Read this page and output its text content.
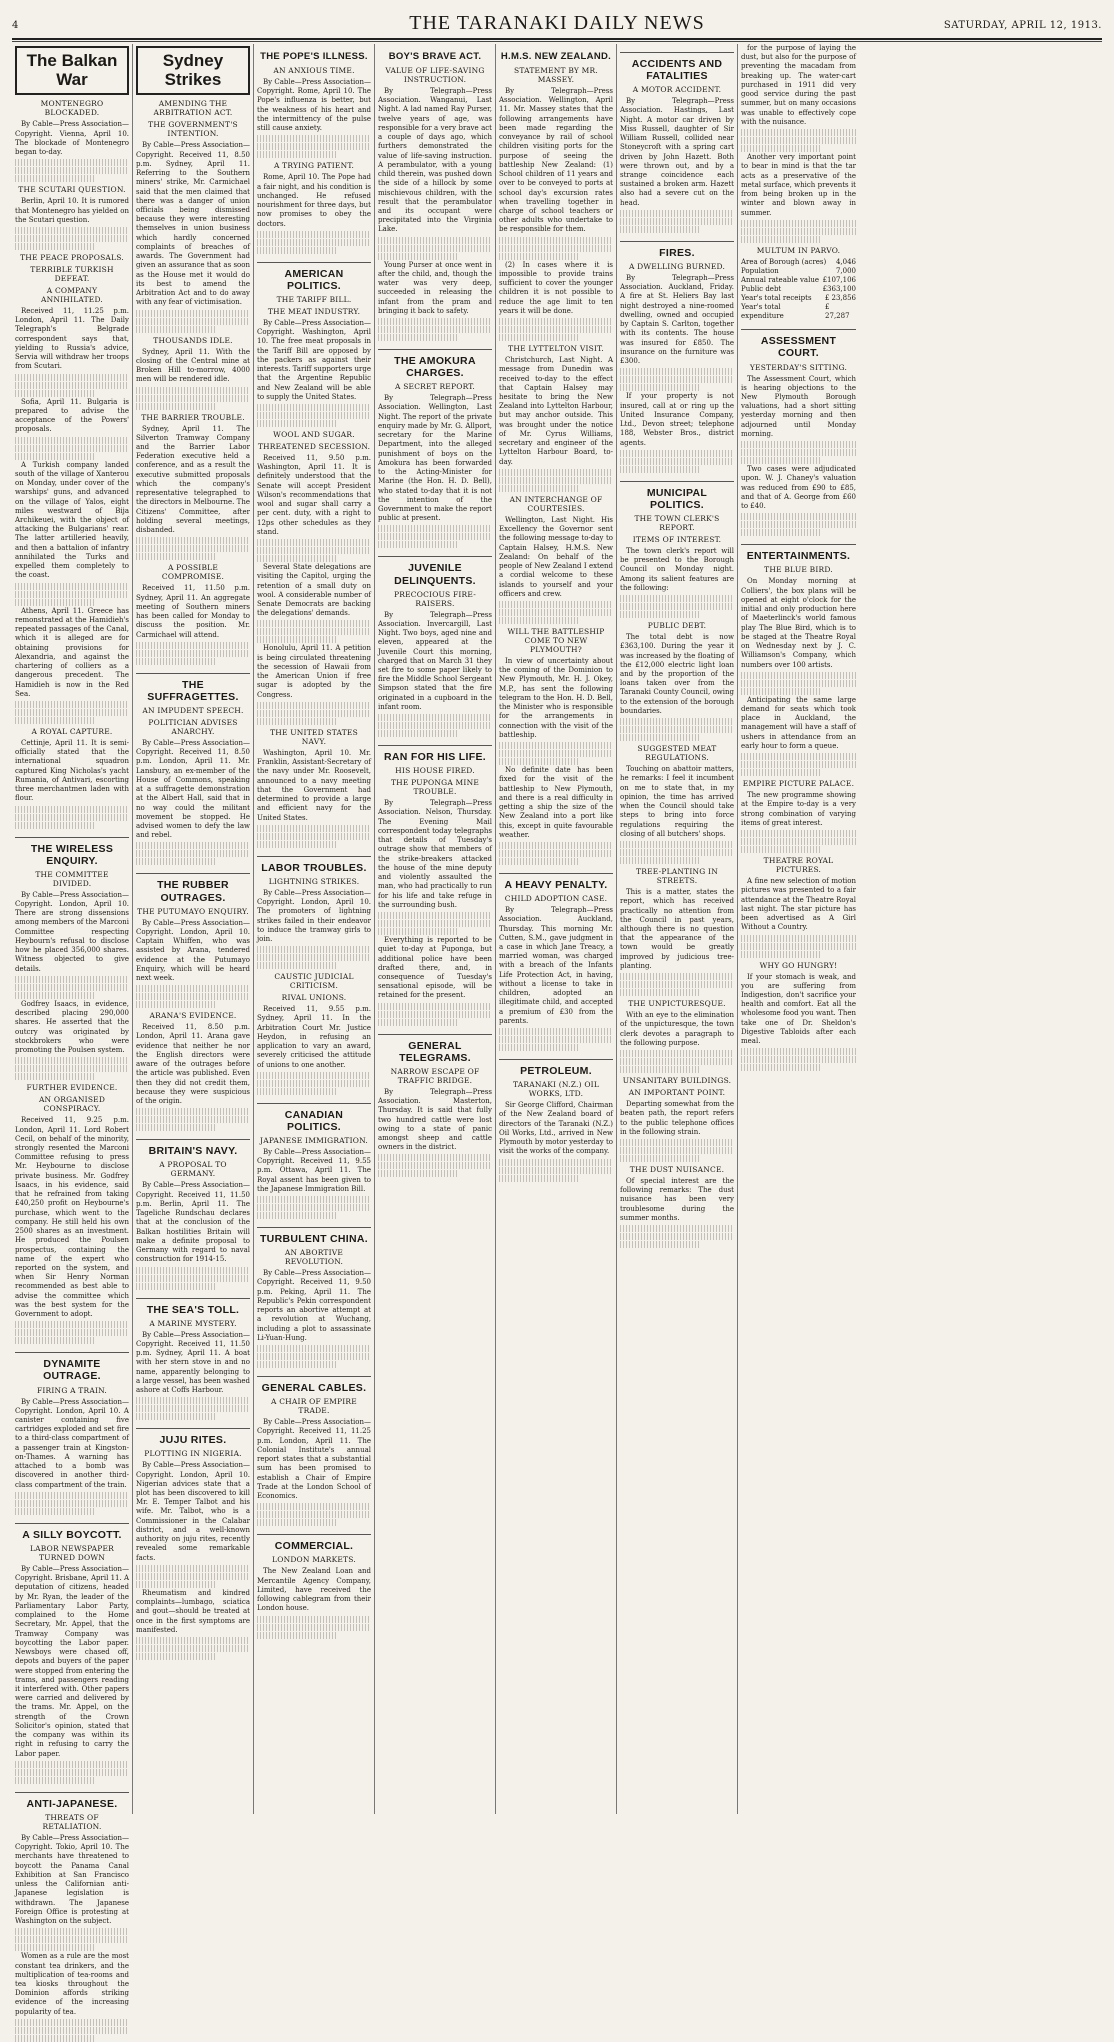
4	THE TARANAKI DAILY NEWS	SATURDAY, APRIL 12, 1913.
The Balkan War
MONTENEGRO BLOCKADED.

By Cable—Press Association—Copyright. Vienna, April 10. The blockade of Montenegro began to-day.

THE SCUTARI QUESTION.

Berlin, April 10. It is rumored that Montenegro has yielded on the Scutari question.

THE PEACE PROPOSALS.
TERRIBLE TURKISH DEFEAT.
A COMPANY ANNIHILATED.

Received 11, 11.25 p.m. London, April 11. The Daily Telegraph's Belgrade correspondent says that, yielding to Russia's advice, Servia will withdraw her troops from Scutari.

Sofia, April 11. Bulgaria is prepared to advise the acceptance of the Powers' proposals.

A Turkish company landed south of the village of Xanterou on Monday, under cover of the warships' guns, and advanced on the village of Yalos, eight miles westward of Bija Archikeuei, with the object of attacking the Bulgarians' rear. The latter artilleried heavily, and then a battalion of infantry annihilated the Turks and expelled them completely to the coast.

Athens, April 11. Greece has remonstrated at the Hamidieh's repeated passages of the Canal, which it is alleged are for obtaining provisions for Alexandria, and against the chartering of colliers as a dangerous precedent. The Hamidieh is now in the Red Sea.

A ROYAL CAPTURE.

Cettinje, April 11. It is semi-officially stated that the international squadron captured King Nicholas's yacht Rumania, of Antivari, escorting three merchantmen laden with flour.

THE WIRELESS ENQUIRY.
THE COMMITTEE DIVIDED.

By Cable—Press Association—Copyright. London, April 10. There are strong dissensions among members of the Marconi Committee respecting Heybourn's refusal to disclose how he placed 356,000 shares. Witness objected to give details.

Godfrey Isaacs, in evidence, described placing 290,000 shares. He asserted that the outcry was originated by stockbrokers who were promoting the Poulsen system.

FURTHER EVIDENCE.
AN ORGANISED CONSPIRACY.

Received 11, 9.25 p.m. London, April 11. Lord Robert Cecil, on behalf of the minority, strongly resented the Marconi Committee refusing to press Mr. Heybourne to disclose private business. Mr. Godfrey Isaacs, in his evidence, said that he refrained from taking £40,250 profit on Heybourne's purchase, which went to the company. He still held his own 2500 shares as an investment. He produced the Poulsen prospectus, containing the name of the expert who reported on the system, and when Sir Henry Norman recommended as best able to advise the committee which was the best system for the Government to adopt.

DYNAMITE OUTRAGE.
FIRING A TRAIN.

By Cable—Press Association—Copyright. London, April 10. A canister containing five cartridges exploded and set fire to a third-class compartment of a passenger train at Kingston-on-Thames. A warning has attached to a bomb was discovered in another third-class compartment of the train.

A SILLY BOYCOTT.
LABOR NEWSPAPER TURNED DOWN

By Cable—Press Association—Copyright. Brisbane, April 11. A deputation of citizens, headed by Mr. Ryan, the leader of the Parliamentary Labor Party, complained to the Home Secretary, Mr. Appel, that the Tramway Company was boycotting the Labor paper. Newsboys were chased off, depots and buyers of the paper were stopped from entering the trams, and passengers reading it interfered with. Other papers were carried and delivered by the trams. Mr. Appel, on the strength of the Crown Solicitor's opinion, stated that the company was within its right in refusing to carry the Labor paper.

ANTI-JAPANESE.
THREATS OF RETALIATION.

By Cable—Press Association—Copyright. Tokio, April 10. The merchants have threatened to boycott the Panama Canal Exhibition at San Francisco unless the Californian anti-Japanese legislation is withdrawn. The Japanese Foreign Office is protesting at Washington on the subject.

Women as a rule are the most constant tea drinkers, and the multiplication of tea-rooms and tea kiosks throughout the Dominion affords striking evidence of the increasing popularity of tea.

Sydney Strikes
AMENDING THE ARBITRATION ACT.
THE GOVERNMENT'S INTENTION.

By Cable—Press Association—Copyright. Received 11, 8.50 p.m. Sydney, April 11. Referring to the Southern miners' strike, Mr. Carmichael said that the men claimed that there was a danger of union officials being dismissed because they were interesting themselves in union business which hardly concerned complaints of breaches of awards. The Government had given an assurance that as soon as the House met it would do its best to amend the Arbitration Act and to do away with any fear of victimisation.

THOUSANDS IDLE.

Sydney, April 11. With the closing of the Central mine at Broken Hill to-morrow, 4000 men will be rendered idle.

THE BARRIER TROUBLE.

Sydney, April 11. The Silverton Tramway Company and the Barrier Labor Federation executive held a conference, and as a result the executive submitted proposals which the company's representative telegraphed to the directors in Melbourne. The Citizens' Committee, after holding several meetings, disbanded.

A POSSIBLE COMPROMISE.

Received 11, 11.50 p.m. Sydney, April 11. An aggregate meeting of Southern miners has been called for Monday to discuss the position. Mr. Carmichael will attend.

THE SUFFRAGETTES.
AN IMPUDENT SPEECH.
POLITICIAN ADVISES ANARCHY.

By Cable—Press Association—Copyright. Received 11, 8.50 p.m. London, April 11. Mr. Lansbury, an ex-member of the House of Commons, speaking at a suffragette demonstration at the Albert Hall, said that in no way could the militant movement be stopped. He advised women to defy the law and rebel.

THE RUBBER OUTRAGES.
THE PUTUMAYO ENQUIRY.

By Cable—Press Association—Copyright. London, April 10. Captain Whiffen, who was assisted by Arana, tendered evidence at the Putumayo Enquiry, which will be heard next week.

ARANA'S EVIDENCE.

Received 11, 8.50 p.m. London, April 11. Arana gave evidence that neither he nor the English directors were aware of the outrages before the article was published. Even then they did not credit them, because they were suspicious of the origin.

BRITAIN'S NAVY.
A PROPOSAL TO GERMANY.

By Cable—Press Association—Copyright. Received 11, 11.50 p.m. Berlin, April 11. The Tageliche Rundschau declares that at the conclusion of the Balkan hostilities Britain will make a definite proposal to Germany with regard to naval construction for 1914-15.

THE SEA'S TOLL.
A MARINE MYSTERY.

By Cable—Press Association—Copyright. Received 11, 11.50 p.m. Sydney, April 11. A boat with her stern stove in and no name, apparently belonging to a large vessel, has been washed ashore at Coffs Harbour.

JUJU RITES.
PLOTTING IN NIGERIA.

By Cable—Press Association—Copyright. London, April 10. Nigerian advices state that a plot has been discovered to kill Mr. E. Temper Talbot and his wife. Mr. Talbot, who is a Commissioner in the Calabar district, and a well-known authority on juju rites, recently revealed some remarkable facts.

Rheumatism and kindred complaints—lumbago, sciatica and gout—should be treated at once in the first symptoms are manifested.

THE POPE'S ILLNESS.
AN ANXIOUS TIME.

By Cable—Press Association—Copyright. Rome, April 10. The Pope's influenza is better, but the weakness of his heart and the intermittency of the pulse still cause anxiety.

A TRYING PATIENT.

Rome, April 10. The Pope had a fair night, and his condition is unchanged. He refused nourishment for three days, but now promises to obey the doctors.

AMERICAN POLITICS.
THE TARIFF BILL.
THE MEAT INDUSTRY.

By Cable—Press Association—Copyright. Washington, April 10. The free meat proposals in the Tariff Bill are opposed by the packers as against their interests. Tariff supporters urge that the Argentine Republic and New Zealand will be able to supply the United States.

WOOL AND SUGAR.
THREATENED SECESSION.

Received 11, 9.50 p.m. Washington, April 11. It is definitely understood that the Senate will accept President Wilson's recommendations that wool and sugar shall carry a per cent. duty, with a right to 12ps other schedules as they stand.

Several State delegations are visiting the Capitol, urging the retention of a small duty on wool. A considerable number of Senate Democrats are backing the delegations' demands.

Honolulu, April 11. A petition is being circulated threatening the secession of Hawaii from the American Union if free sugar is adopted by the Congress.

THE UNITED STATES NAVY.

Washington, April 10. Mr. Franklin, Assistant-Secretary of the navy under Mr. Roosevelt, announced to a navy meeting that the Government had determined to provide a large and efficient navy for the United States.

LABOR TROUBLES.
LIGHTNING STRIKES.

By Cable—Press Association—Copyright. London, April 10. The promoters of lightning strikes failed in their endeavor to induce the tramway girls to join.

CAUSTIC JUDICIAL CRITICISM.
RIVAL UNIONS.

Received 11, 9.55 p.m. Sydney, April 11. In the Arbitration Court Mr. Justice Heydon, in refusing an application to vary an award, severely criticised the attitude of unions to one another.

CANADIAN POLITICS.
JAPANESE IMMIGRATION.

By Cable—Press Association—Copyright. Received 11, 9.55 p.m. Ottawa, April 11. The Royal assent has been given to the Japanese Immigration Bill.

TURBULENT CHINA.
AN ABORTIVE REVOLUTION.

By Cable—Press Association—Copyright. Received 11, 9.50 p.m. Peking, April 11. The Republic's Pekin correspondent reports an abortive attempt at a revolution at Wuchang, including a plot to assassinate Li-Yuan-Hung.

GENERAL CABLES.
A CHAIR OF EMPIRE TRADE.

By Cable—Press Association—Copyright. Received 11, 11.25 p.m. London, April 11. The Colonial Institute's annual report states that a substantial sum has been promised to establish a Chair of Empire Trade at the London School of Economics.

COMMERCIAL.
LONDON MARKETS.

The New Zealand Loan and Mercantile Agency Company, Limited, have received the following cablegram from their London house.

BOY'S BRAVE ACT.
VALUE OF LIFE-SAVING INSTRUCTION.

By Telegraph—Press Association. Wanganui, Last Night. A lad named Ray Purser, twelve years of age, was responsible for a very brave act a couple of days ago, which furthers demonstrated the value of life-saving instruction. A perambulator, with a young child therein, was pushed down the side of a hillock by some mischievous children, with the result that the perambulator and its occupant were precipitated into the Virginia Lake.

Young Purser at once went in after the child, and, though the water was very deep, succeeded in releasing the infant from the pram and bringing it back to safety.

THE AMOKURA CHARGES.
A SECRET REPORT.

By Telegraph—Press Association. Wellington, Last Night. The report of the private enquiry made by Mr. G. Allport, secretary for the Marine Department, into the alleged punishment of boys on the Amokura has been forwarded to the Acting-Minister for Marine (the Hon. H. D. Bell), who stated to-day that it is not the intention of the Government to make the report public at present.

JUVENILE DELINQUENTS.
PRECOCIOUS FIRE-RAISERS.

By Telegraph—Press Association. Invercargill, Last Night. Two boys, aged nine and eleven, appeared at the Juvenile Court this morning, charged that on March 31 they set fire to some paper likely to fire the Middle School Sergeant Simpson stated that the fire originated in a cupboard in the infant room.

RAN FOR HIS LIFE.
HIS HOUSE FIRED.
THE PUPONGA MINE TROUBLE.

By Telegraph—Press Association. Nelson, Thursday. The Evening Mail correspondent today telegraphs that details of Tuesday's outrage show that members of the strike-breakers attacked the house of the mine deputy and violently assaulted the man, who had practically to run for his life and take refuge in the surrounding bush.

Everything is reported to be quiet to-day at Puponga, but additional police have been drafted there, and, in consequence of Tuesday's sensational episode, will be retained for the present.

GENERAL TELEGRAMS.
NARROW ESCAPE OF TRAFFIC BRIDGE.

By Telegraph—Press Association. Masterton, Thursday. It is said that fully two hundred cattle were lost owing to a state of panic amongst sheep and cattle owners in the district.

H.M.S. NEW ZEALAND.
STATEMENT BY MR. MASSEY.

By Telegraph—Press Association. Wellington, April 11. Mr. Massey states that the following arrangements have been made regarding the conveyance by rail of school children visiting ports for the purpose of seeing the battleship New Zealand: (1) School children of 11 years and over to be conveyed to ports at school day's excursion rates when travelling together in charge of school teachers or other adults who undertake to be responsible for them.

(2) In cases where it is impossible to provide trains sufficient to cover the younger children it is not possible to reduce the age limit to ten years it will be done.

THE LYTTELTON VISIT.

Christchurch, Last Night. A message from Dunedin was received to-day to the effect that Captain Halsey may hesitate to bring the New Zealand into Lyttelton Harbour, but may anchor outside. This was brought under the notice of Mr. Cyrus Williams, secretary and engineer of the Lyttelton Harbour Board, to-day.

AN INTERCHANGE OF COURTESIES.

Wellington, Last Night. His Excellency the Governor sent the following message to-day to Captain Halsey, H.M.S. New Zealand: On behalf of the people of New Zealand I extend a cordial welcome to these islands to yourself and your officers and crew.

WILL THE BATTLESHIP COME TO NEW PLYMOUTH?

In view of uncertainty about the coming of the Dominion to New Plymouth, Mr. H. J. Okey, M.P., has sent the following telegram to the Hon. H. D. Bell, the Minister who is responsible for the arrangements in connection with the visit of the battleship.

No definite date has been fixed for the visit of the battleship to New Plymouth, and there is a real difficulty in getting a ship the size of the New Zealand into a port like this, except in quite favourable weather.

A HEAVY PENALTY.
CHILD ADOPTION CASE.

By Telegraph—Press Association. Auckland, Thursday. This morning Mr. Cutten, S.M., gave judgment in a case in which Jane Treacy, a married woman, was charged with a breach of the Infants Life Protection Act, in having, without a license to take in children, adopted an illegitimate child, and accepted a premium of £30 from the parents.

PETROLEUM.
TARANAKI (N.Z.) OIL WORKS, LTD.

Sir George Clifford, Chairman of the New Zealand board of directors of the Taranaki (N.Z.) Oil Works, Ltd., arrived in New Plymouth by motor yesterday to visit the works of the company.

ACCIDENTS AND FATALITIES
A MOTOR ACCIDENT.

By Telegraph—Press Association. Hastings, Last Night. A motor car driven by Miss Russell, daughter of Sir William Russell, collided near Stoneycroft with a spring cart driven by John Hazett. Both were thrown out, and by a strange coincidence each sustained a broken arm. Hazett also had a severe cut on the head.

FIRES.
A DWELLING BURNED.

By Telegraph—Press Association. Auckland, Friday. A fire at St. Heliers Bay last night destroyed a nine-roomed dwelling, owned and occupied by Captain S. Carlton, together with its contents. The house was insured for £850. The insurance on the furniture was £300.

If your property is not insured, call at or ring up the United Insurance Company, Ltd., Devon street; telephone 188, Webster Bros., district agents.

MUNICIPAL POLITICS.
THE TOWN CLERK'S REPORT.
ITEMS OF INTEREST.

The town clerk's report will be presented to the Borough Council on Monday night. Among its salient features are the following:

PUBLIC DEBT.

The total debt is now £363,100. During the year it was increased by the floating of the £12,000 electric light loan and by the proportion of the loans taken over from the Taranaki County Council, owing to the extension of the borough boundaries.

SUGGESTED MEAT REGULATIONS.

Touching on abattoir matters, he remarks: I feel it incumbent on me to state that, in my opinion, the time has arrived when the Council should take steps to bring into force regulations requiring the closing of all butchers' shops.

TREE-PLANTING IN STREETS.

This is a matter, states the report, which has received practically no attention from the Council in past years, although there is no question that the appearance of the town would be greatly improved by judicious tree-planting.

THE UNPICTURESQUE.

With an eye to the elimination of the unpicturesque, the town clerk devotes a paragraph to the following purpose.

UNSANITARY BUILDINGS.
AN IMPORTANT POINT.

Departing somewhat from the beaten path, the report refers to the public telephone offices in the following strain.

THE DUST NUISANCE.

Of special interest are the following remarks: The dust nuisance has been very troublesome during the summer months.

for the purpose of laying the dust, but also for the purpose of preventing the macadam from breaking up. The water-cart purchased in 1911 did very good service during the past summer, but on many occasions was unable to effectively cope with the nuisance.

Another very important point to bear in mind is that the tar acts as a preservative of the metal surface, which prevents it from being broken up in the winter and blown away in summer.

MULTUM IN PARVO.
Area of Borough (acres) 4,046
Population	7,000
Annual rateable value £107,106
Public debt	£363,100
Year's total receipts £ 23,856
Year's total expenditure
£ 27,287
ASSESSMENT COURT.
YESTERDAY'S SITTING.

The Assessment Court, which is hearing objections to the New Plymouth Borough valuations, had a short sitting yesterday morning and then adjourned until Monday morning.

Two cases were adjudicated upon. W. J. Chaney's valuation was reduced from £90 to £85, and that of A. George from £60 to £40.

ENTERTAINMENTS.
THE BLUE BIRD.

On Monday morning at Colliers', the box plans will be opened at eight o'clock for the initial and only production here of Maeterlinck's world famous play The Blue Bird, which is to be staged at the Theatre Royal on Wednesday next by J. C. Williamson's Company, which numbers over 100 artists.

Anticipating the same large demand for seats which took place in Auckland, the management will have a staff of ushers in attendance from an early hour to form a queue.

EMPIRE PICTURE PALACE.

The new programme showing at the Empire to-day is a very strong combination of varying items of great interest.

THEATRE ROYAL PICTURES.

A fine new selection of motion pictures was presented to a fair attendance at the Theatre Royal last night. The star picture has been advertised as A Girl Without a Country.

WHY GO HUNGRY!

If your stomach is weak, and you are suffering from Indigestion, don't sacrifice your health and comfort. Eat all the wholesome food you want. Then take one of Dr. Sheldon's Digestive Tabloids after each meal.
